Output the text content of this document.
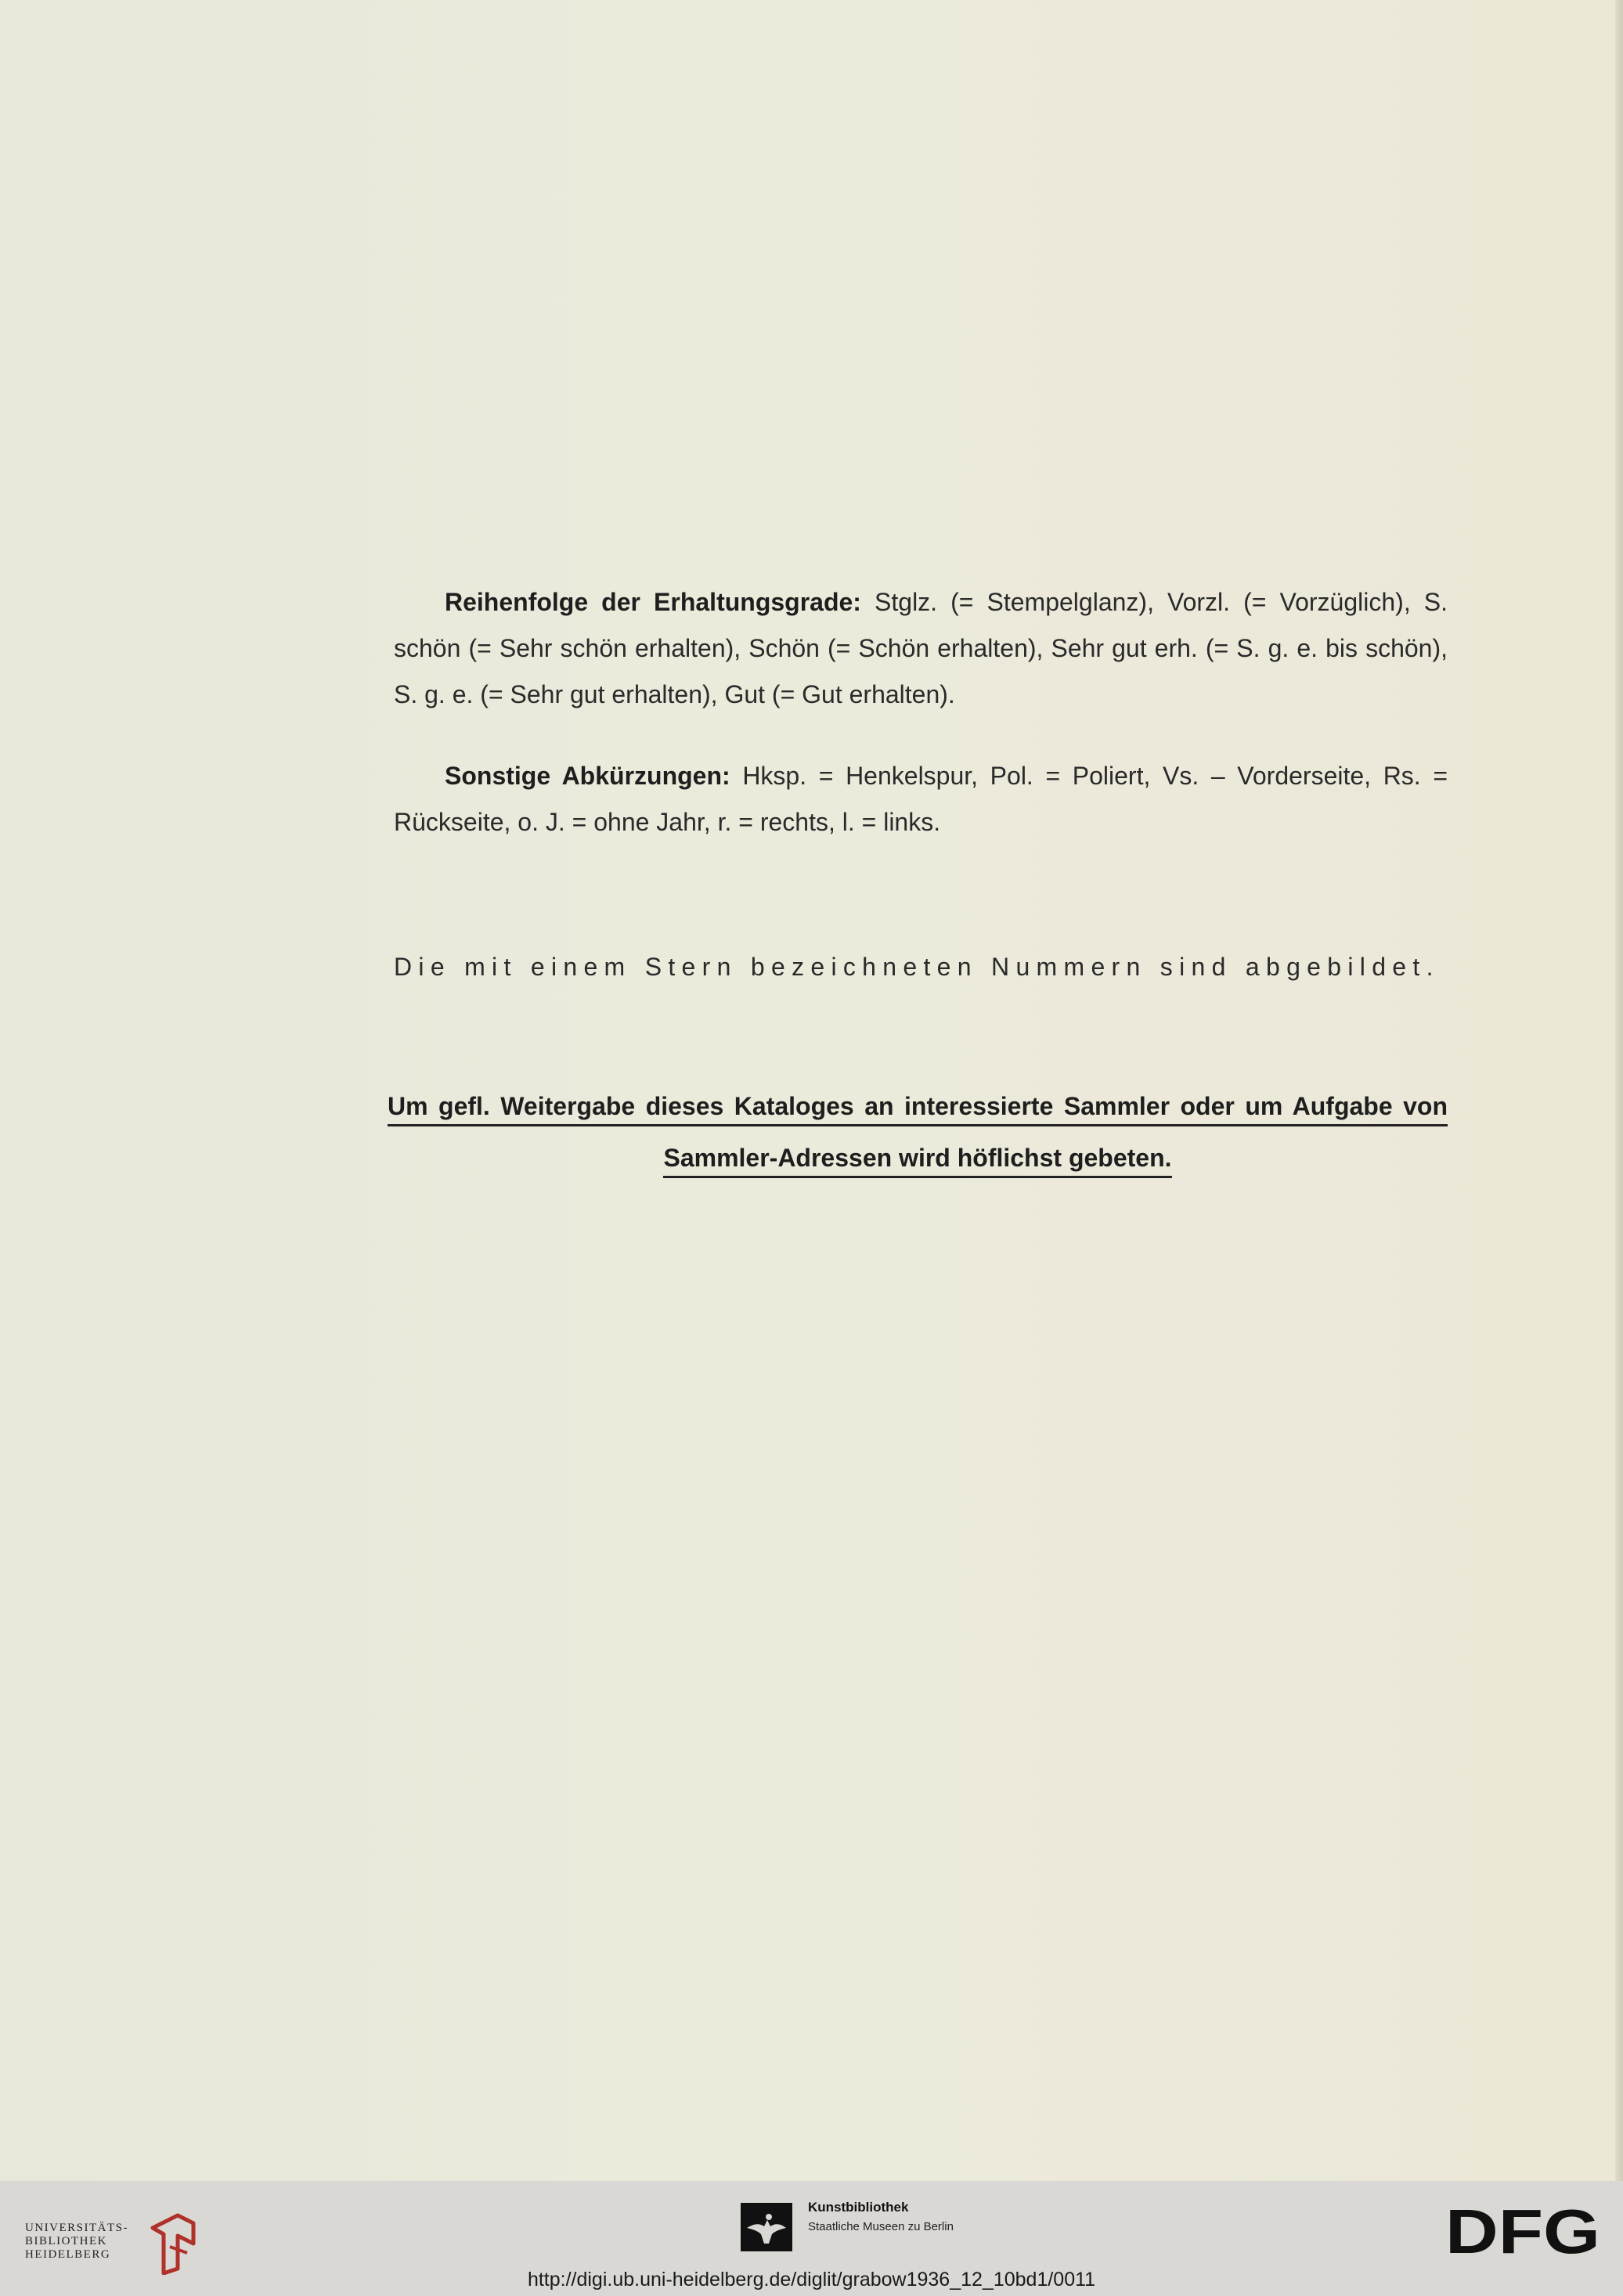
Reihenfolge der Erhaltungsgrade: Stglz. (= Stempelglanz), Vorzl. (= Vorzüglich), S. schön (= Sehr schön erhalten), Schön (= Schön erhalten), Sehr gut erh. (= S. g. e. bis schön), S. g. e. (= Sehr gut erhalten), Gut (= Gut erhalten).
Sonstige Abkürzungen: Hksp. = Henkelspur, Pol. = Poliert, Vs. – Vorderseite, Rs. = Rückseite, o. J. = ohne Jahr, r. = rechts, l. = links.
Die mit einem Stern bezeichneten Nummern sind abgebildet.
Um gefl. Weitergabe dieses Kataloges an interessierte Sammler oder um Aufgabe von
Sammler-Adressen wird höflichst gebeten.
UNIVERSITÄTS-
BIBLIOTHEK
HEIDELBERG
Kunstbibliothek
Staatliche Museen zu Berlin	DFG
http://digi.ub.uni-heidelberg.de/diglit/grabow1936_12_10bd1/0011
